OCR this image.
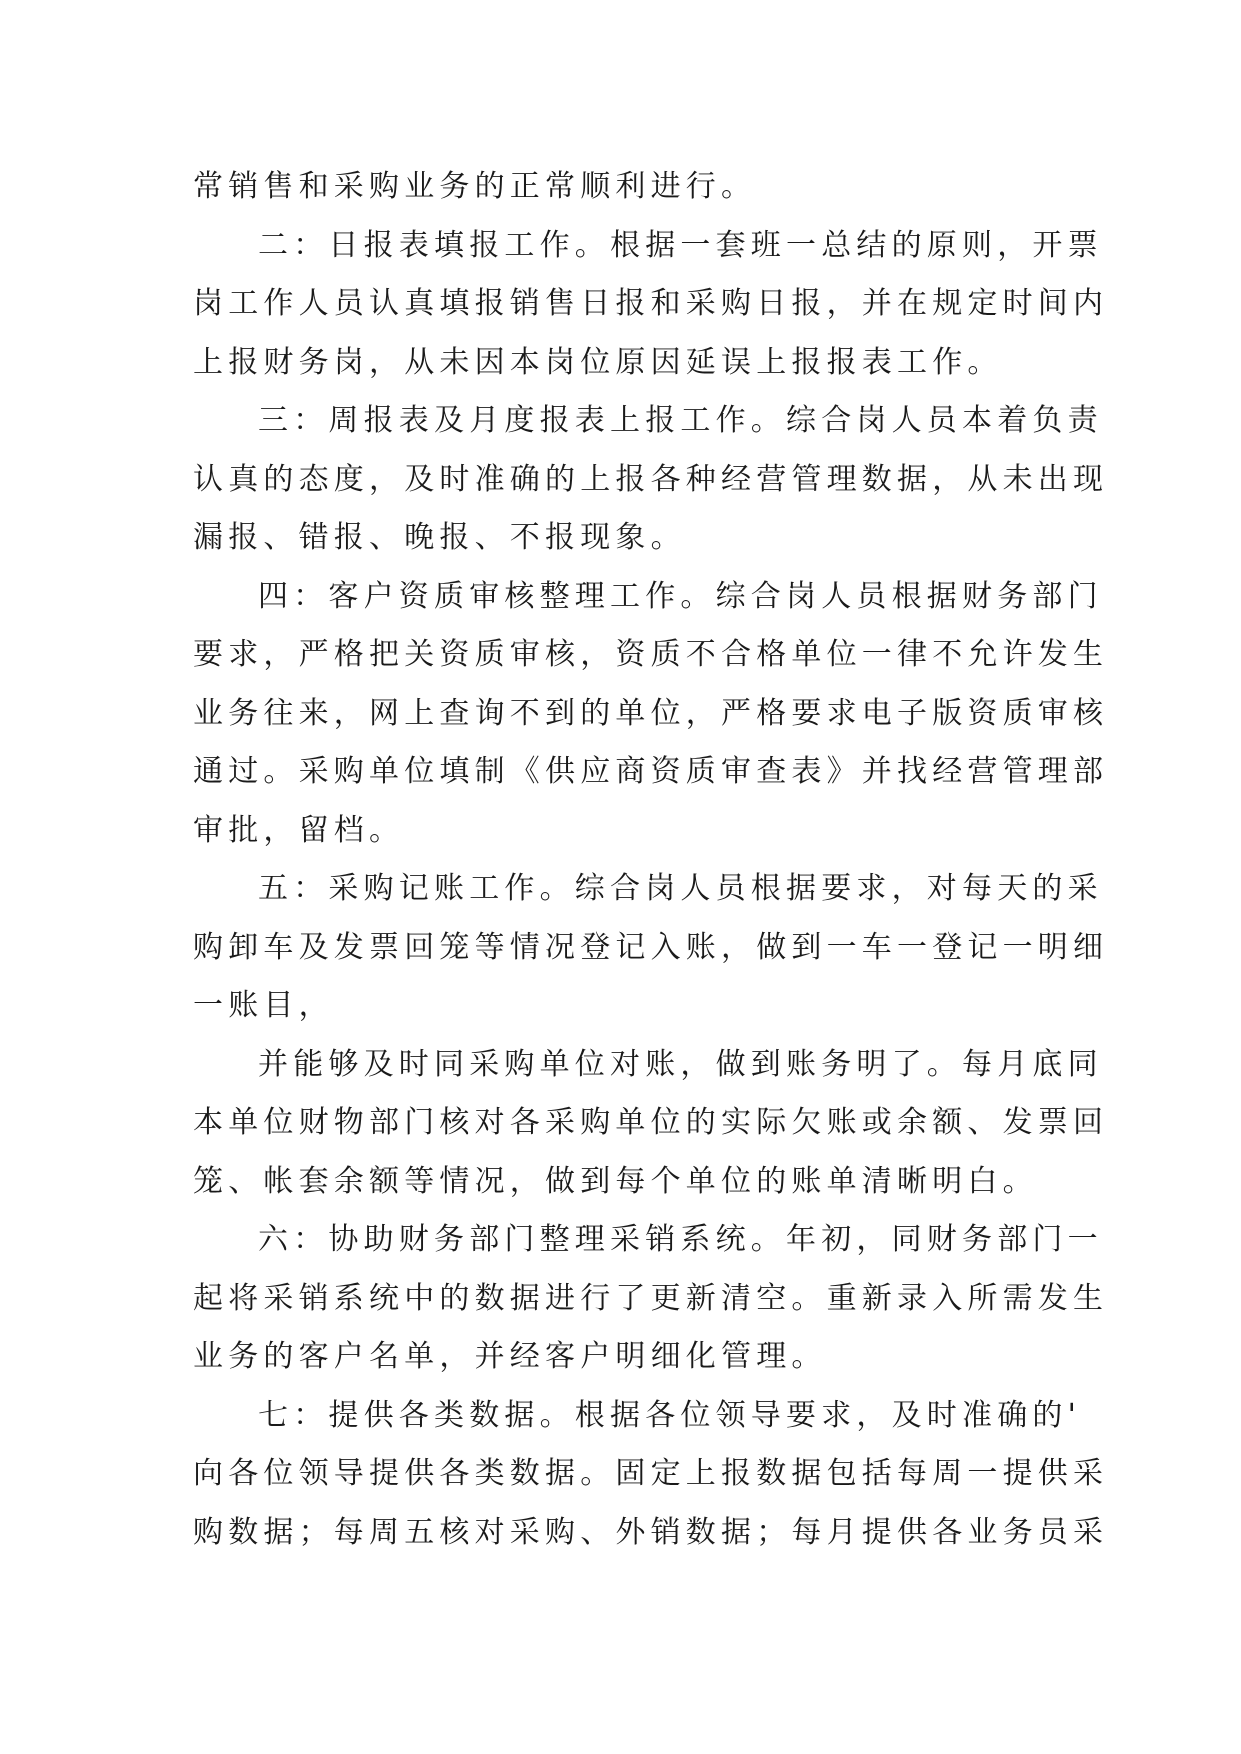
常销售和采购业务的正常顺利进行。
二：日报表填报工作。根据一套班一总结的原则，开票
岗工作人员认真填报销售日报和采购日报，并在规定时间内
上报财务岗，从未因本岗位原因延误上报报表工作。
三：周报表及月度报表上报工作。综合岗人员本着负责
认真的态度，及时准确的上报各种经营管理数据，从未出现
漏报、错报、晚报、不报现象。
四：客户资质审核整理工作。综合岗人员根据财务部门
要求，严格把关资质审核，资质不合格单位一律不允许发生
业务往来，网上查询不到的单位，严格要求电子版资质审核
通过。采购单位填制《供应商资质审查表》并找经营管理部
审批，留档。
五：采购记账工作。综合岗人员根据要求，对每天的采
购卸车及发票回笼等情况登记入账，做到一车一登记一明细
一账目，
并能够及时同采购单位对账，做到账务明了。每月底同
本单位财物部门核对各采购单位的实际欠账或余额、发票回
笼、帐套余额等情况，做到每个单位的账单清晰明白。
六：协助财务部门整理采销系统。年初，同财务部门一
起将采销系统中的数据进行了更新清空。重新录入所需发生
业务的客户名单，并经客户明细化管理。
七：提供各类数据。根据各位领导要求，及时准确的'
向各位领导提供各类数据。固定上报数据包括每周一提供采
购数据；每周五核对采购、外销数据；每月提供各业务员采
